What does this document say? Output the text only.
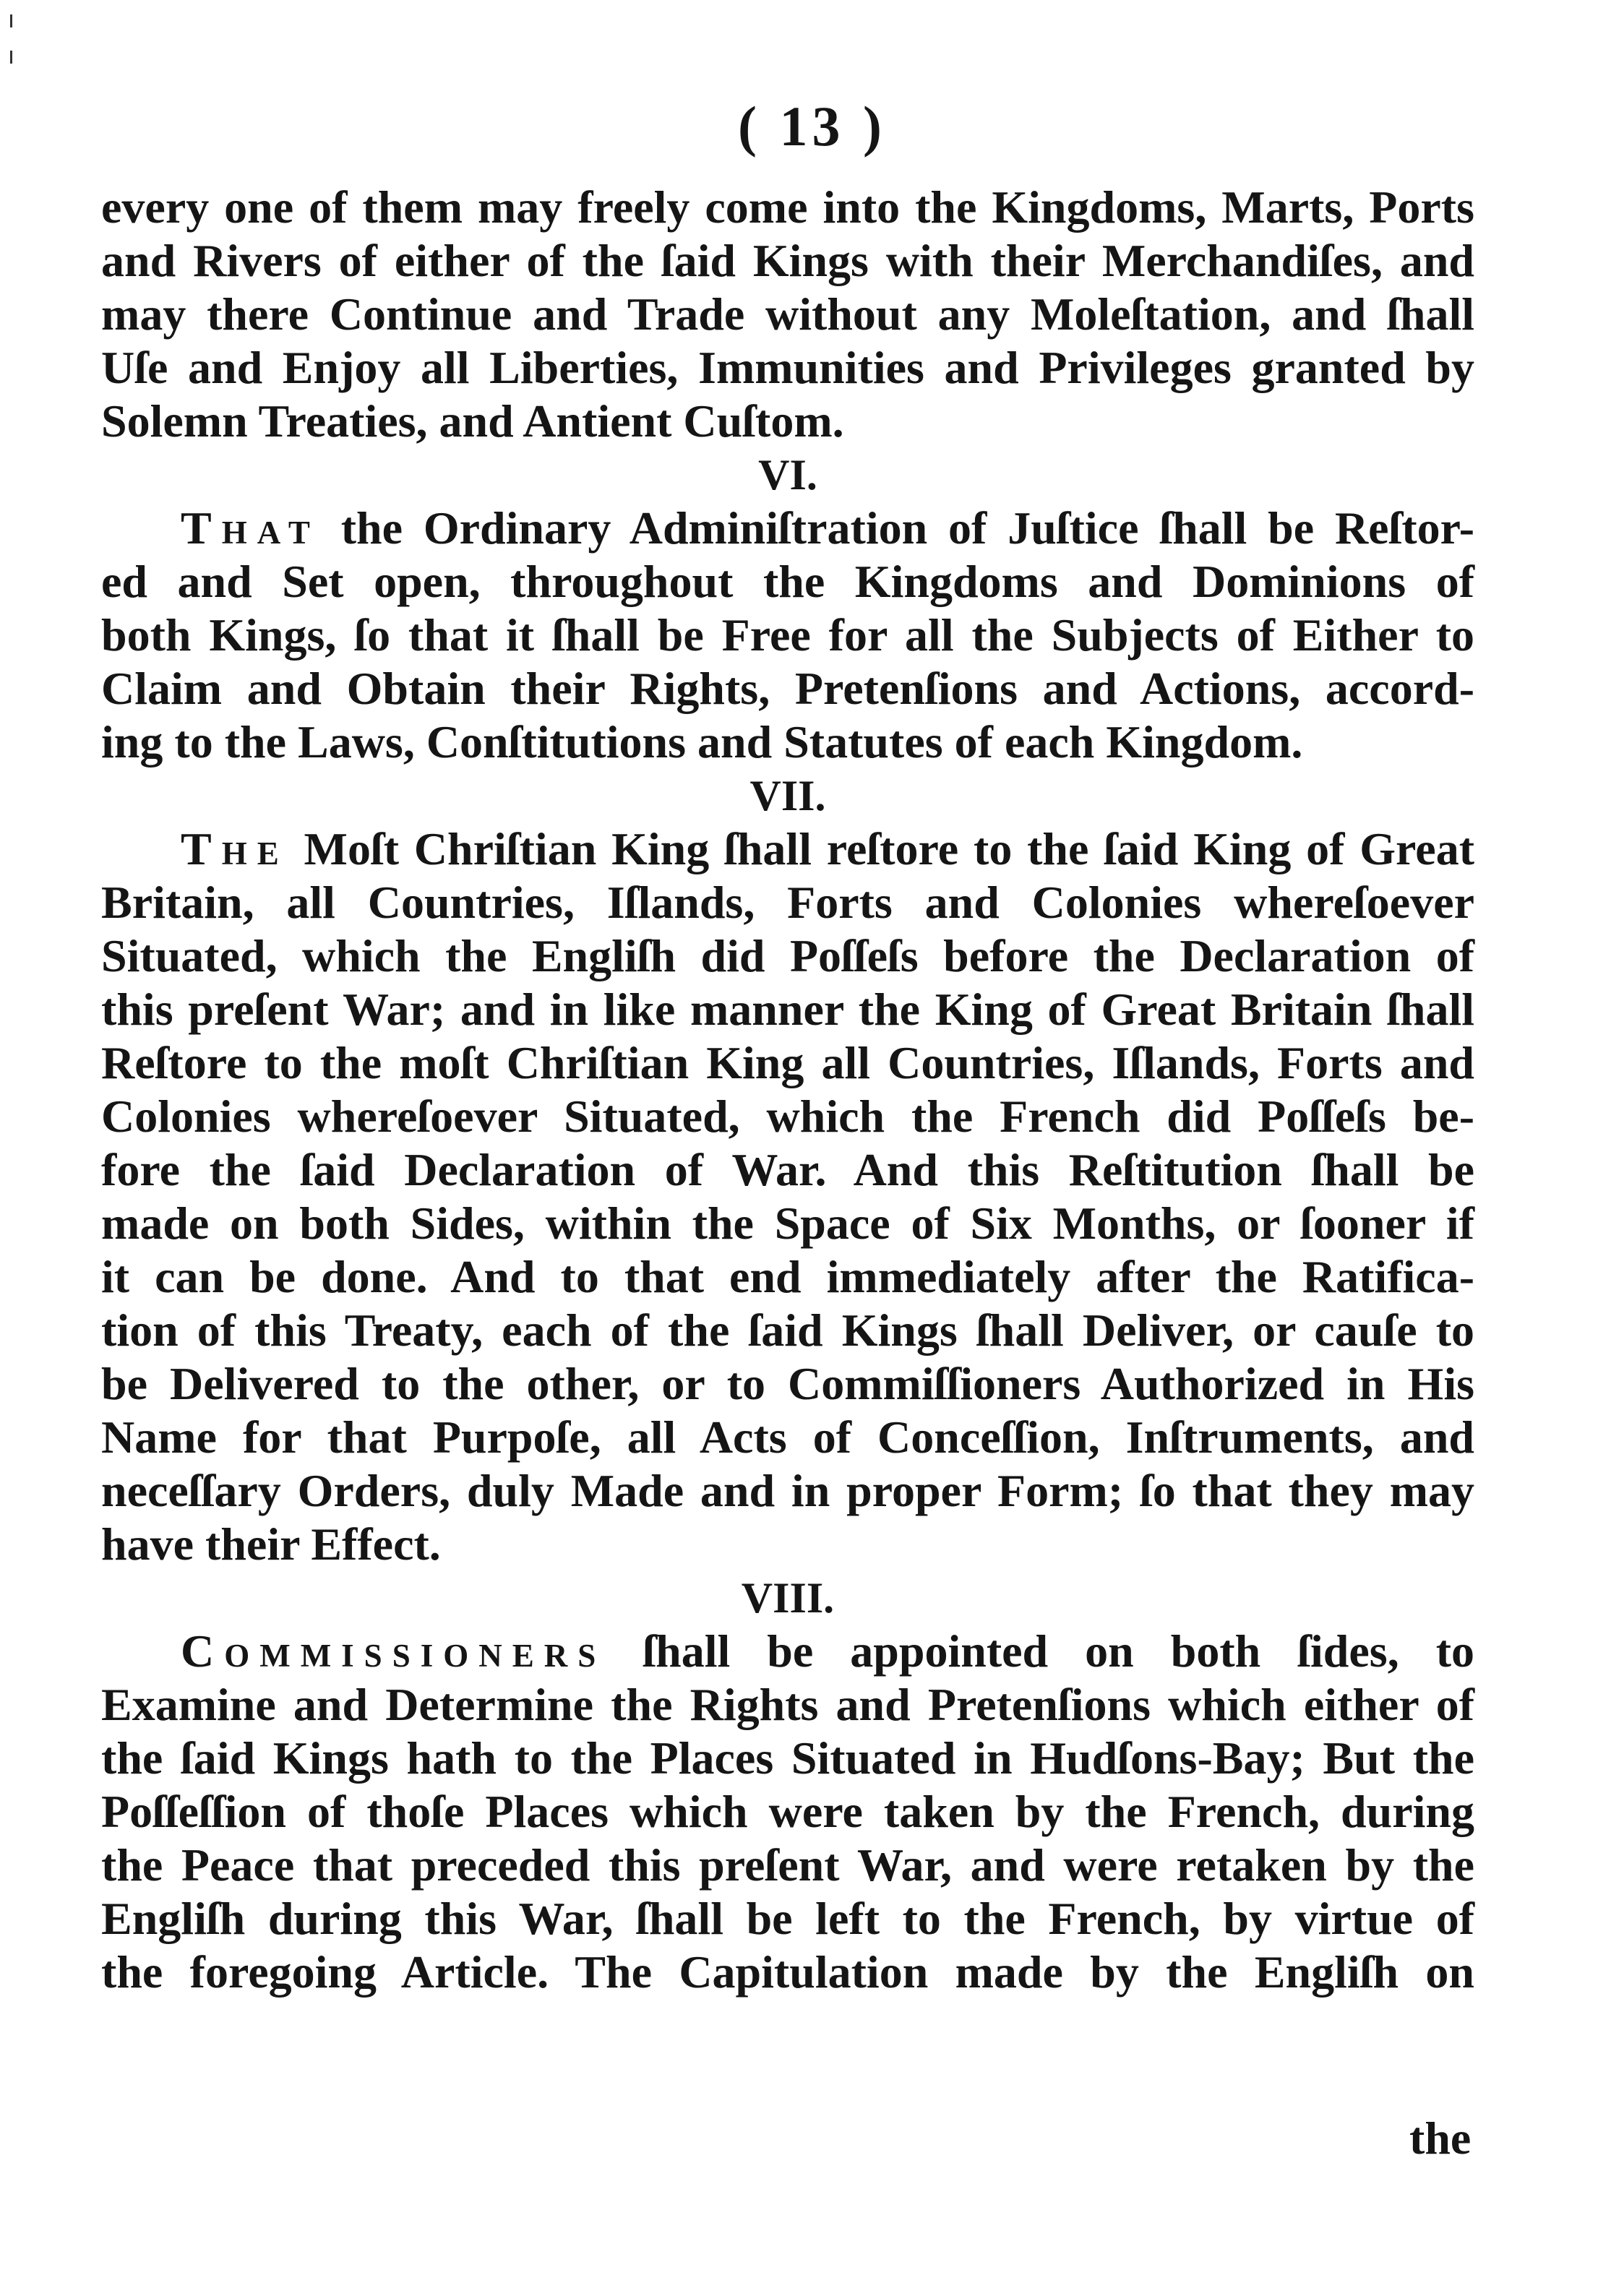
( 13 )
every one of them may freely come into the Kingdoms, Marts, Ports
and Rivers of either of the ſaid Kings with their Merchandiſes, and
may there Continue and Trade without any Moleſtation, and ſhall
Uſe and Enjoy all Liberties, Immunities and Privileges granted by
Solemn Treaties, and Antient Cuſtom.
VI.
That the Ordinary Adminiſtration of Juſtice ſhall be Reſtor-
ed and Set open, throughout the Kingdoms and Dominions of
both Kings, ſo that it ſhall be Free for all the Subjects of Either to
Claim and Obtain their Rights, Pretenſions and Actions, accord-
ing to the Laws, Conſtitutions and Statutes of each Kingdom.
VII.
The Moſt Chriſtian King ſhall reſtore to the ſaid King of Great
Britain, all Countries, Iſlands, Forts and Colonies whereſoever
Situated, which the Engliſh did Poſſeſs before the Declaration of
this preſent War; and in like manner the King of Great Britain ſhall
Reſtore to the moſt Chriſtian King all Countries, Iſlands, Forts and
Colonies whereſoever Situated, which the French did Poſſeſs be-
fore the ſaid Declaration of War. And this Reſtitution ſhall be
made on both Sides, within the Space of Six Months, or ſooner if
it can be done. And to that end immediately after the Ratifica-
tion of this Treaty, each of the ſaid Kings ſhall Deliver, or cauſe to
be Delivered to the other, or to Commiſſioners Authorized in His
Name for that Purpoſe, all Acts of Conceſſion, Inſtruments, and
neceſſary Orders, duly Made and in proper Form; ſo that they may
have their Effect.
VIII.
Commissioners ſhall be appointed on both ſides, to
Examine and Determine the Rights and Pretenſions which either of
the ſaid Kings hath to the Places Situated in Hudſons-Bay; But the
Poſſeſſion of thoſe Places which were taken by the French, during
the Peace that preceded this preſent War, and were retaken by the
Engliſh during this War, ſhall be left to the French, by virtue of
the foregoing Article. The Capitulation made by the Engliſh on
the
